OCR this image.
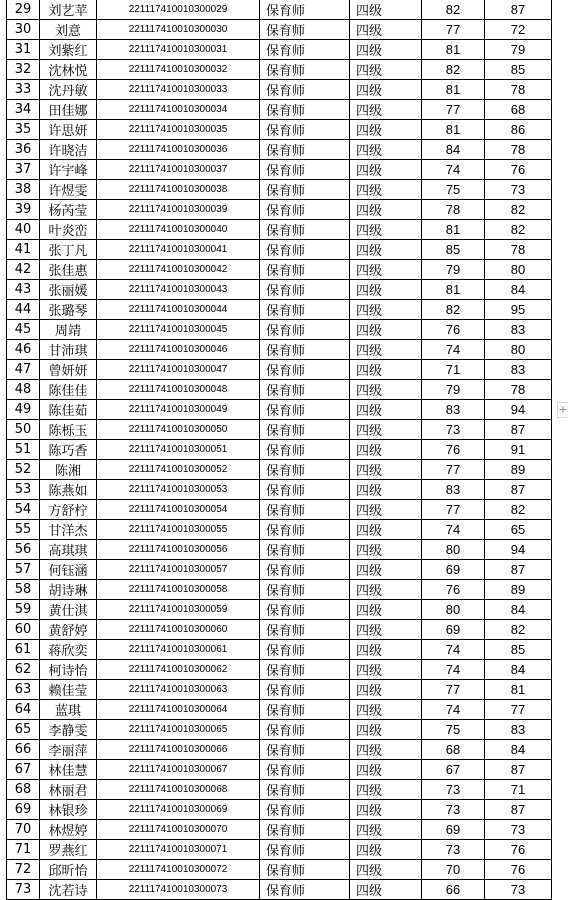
29	刘艺苹	221117410010300029	保育师	四级	82	87
30	刘意	221117410010300030	保育师	四级	77	72
31	刘紫红	221117410010300031	保育师	四级	81	79
32	沈林悦	221117410010300032	保育师	四级	82	85
33	沈丹敏	221117410010300033	保育师	四级	81	78
34	田佳娜	221117410010300034	保育师	四级	77	68
35	许思妍	221117410010300035	保育师	四级	81	86
36	许晓洁	221117410010300036	保育师	四级	84	78
37	许宇峰	221117410010300037	保育师	四级	74	76
38	许煜雯	221117410010300038	保育师	四级	75	73
39	杨芮莹	221117410010300039	保育师	四级	78	82
40	叶炎峦	221117410010300040	保育师	四级	81	82
41	张丁凡	221117410010300041	保育师	四级	85	78
42	张佳惠	221117410010300042	保育师	四级	79	80
43	张丽媛	221117410010300043	保育师	四级	81	84
44	张璐琴	221117410010300044	保育师	四级	82	95
45	周靖	221117410010300045	保育师	四级	76	83
46	甘沛琪	221117410010300046	保育师	四级	74	80
47	曾妍妍	221117410010300047	保育师	四级	71	83
48	陈佳佳	221117410010300048	保育师	四级	79	78
49	陈佳茹	221117410010300049	保育师	四级	83	94
50	陈栎玉	221117410010300050	保育师	四级	73	87
51	陈巧香	221117410010300051	保育师	四级	76	91
52	陈湘	221117410010300052	保育师	四级	77	89
53	陈燕如	221117410010300053	保育师	四级	83	87
54	方舒柠	221117410010300054	保育师	四级	77	82
55	甘洋杰	221117410010300055	保育师	四级	74	65
56	高琪琪	221117410010300056	保育师	四级	80	94
57	何钰涵	221117410010300057	保育师	四级	69	87
58	胡诗琳	221117410010300058	保育师	四级	76	89
59	黄仕淇	221117410010300059	保育师	四级	80	84
60	黄舒婷	221117410010300060	保育师	四级	69	82
61	蒋欣奕	221117410010300061	保育师	四级	74	85
62	柯诗怡	221117410010300062	保育师	四级	74	84
63	赖佳莹	221117410010300063	保育师	四级	77	81
64	蓝琪	221117410010300064	保育师	四级	74	77
65	李静雯	221117410010300065	保育师	四级	75	83
66	李丽萍	221117410010300066	保育师	四级	68	84
67	林佳慧	221117410010300067	保育师	四级	67	87
68	林丽君	221117410010300068	保育师	四级	73	71
69	林银珍	221117410010300069	保育师	四级	73	87
70	林煜婷	221117410010300070	保育师	四级	69	73
71	罗燕红	221117410010300071	保育师	四级	73	76
72	邱昕怡	221117410010300072	保育师	四级	70	76
73	沈若诗	221117410010300073	保育师	四级	66	73
+
